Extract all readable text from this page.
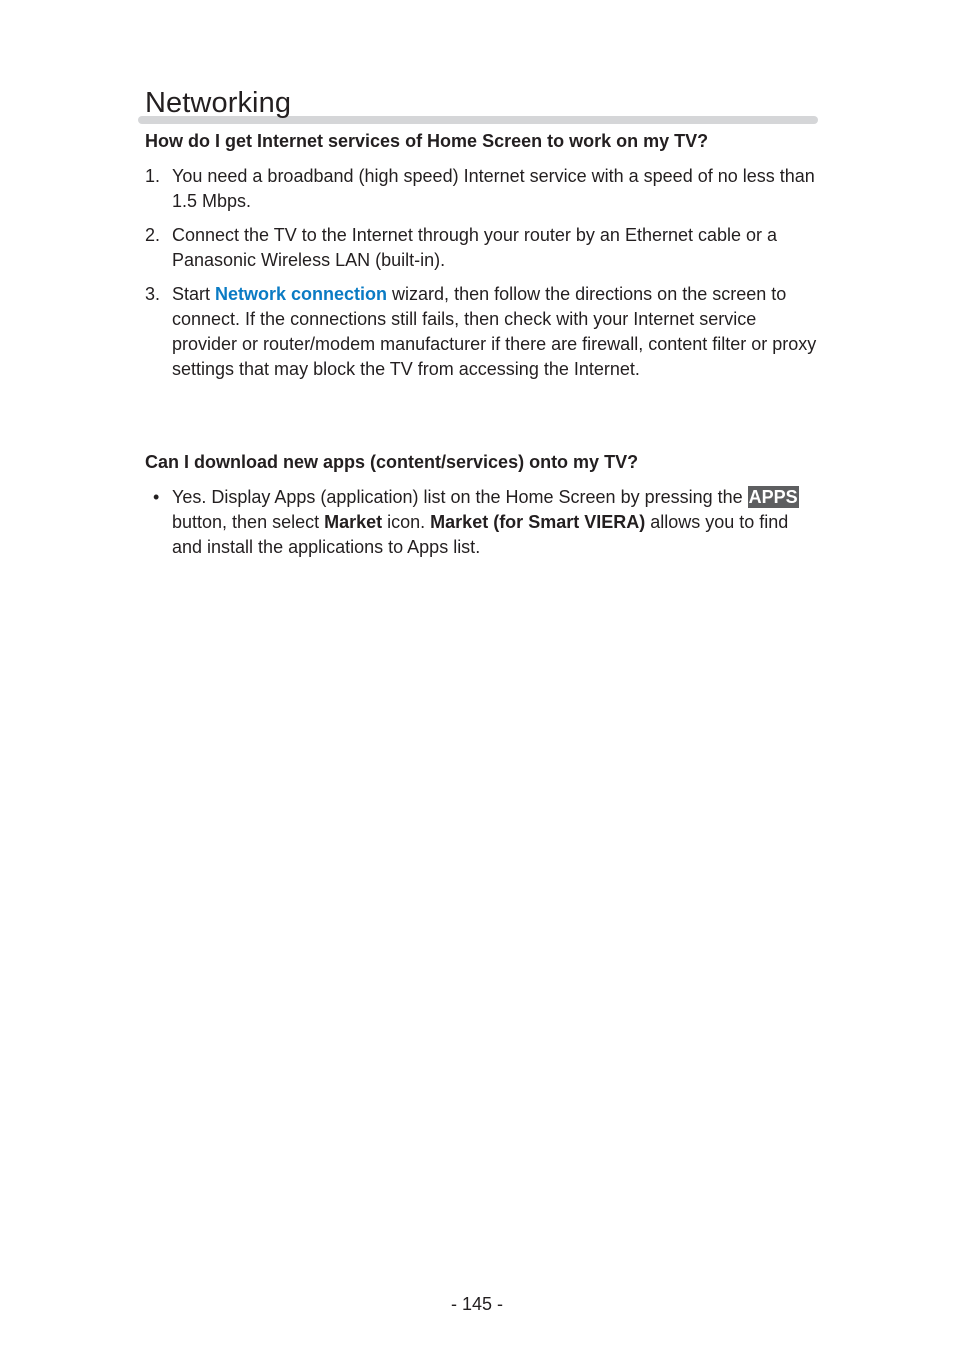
Networking
How do I get Internet services of Home Screen to work on my TV?
1. You need a broadband (high speed) Internet service with a speed of no less than 1.5 Mbps.
2. Connect the TV to the Internet through your router by an Ethernet cable or a Panasonic Wireless LAN (built-in).
3. Start Network connection wizard, then follow the directions on the screen to connect. If the connections still fails, then check with your Internet service provider or router/modem manufacturer if there are firewall, content filter or proxy settings that may block the TV from accessing the Internet.
Can I download new apps (content/services) onto my TV?
• Yes. Display Apps (application) list on the Home Screen by pressing the APPS button, then select Market icon. Market (for Smart VIERA) allows you to find and install the applications to Apps list.
- 145 -
